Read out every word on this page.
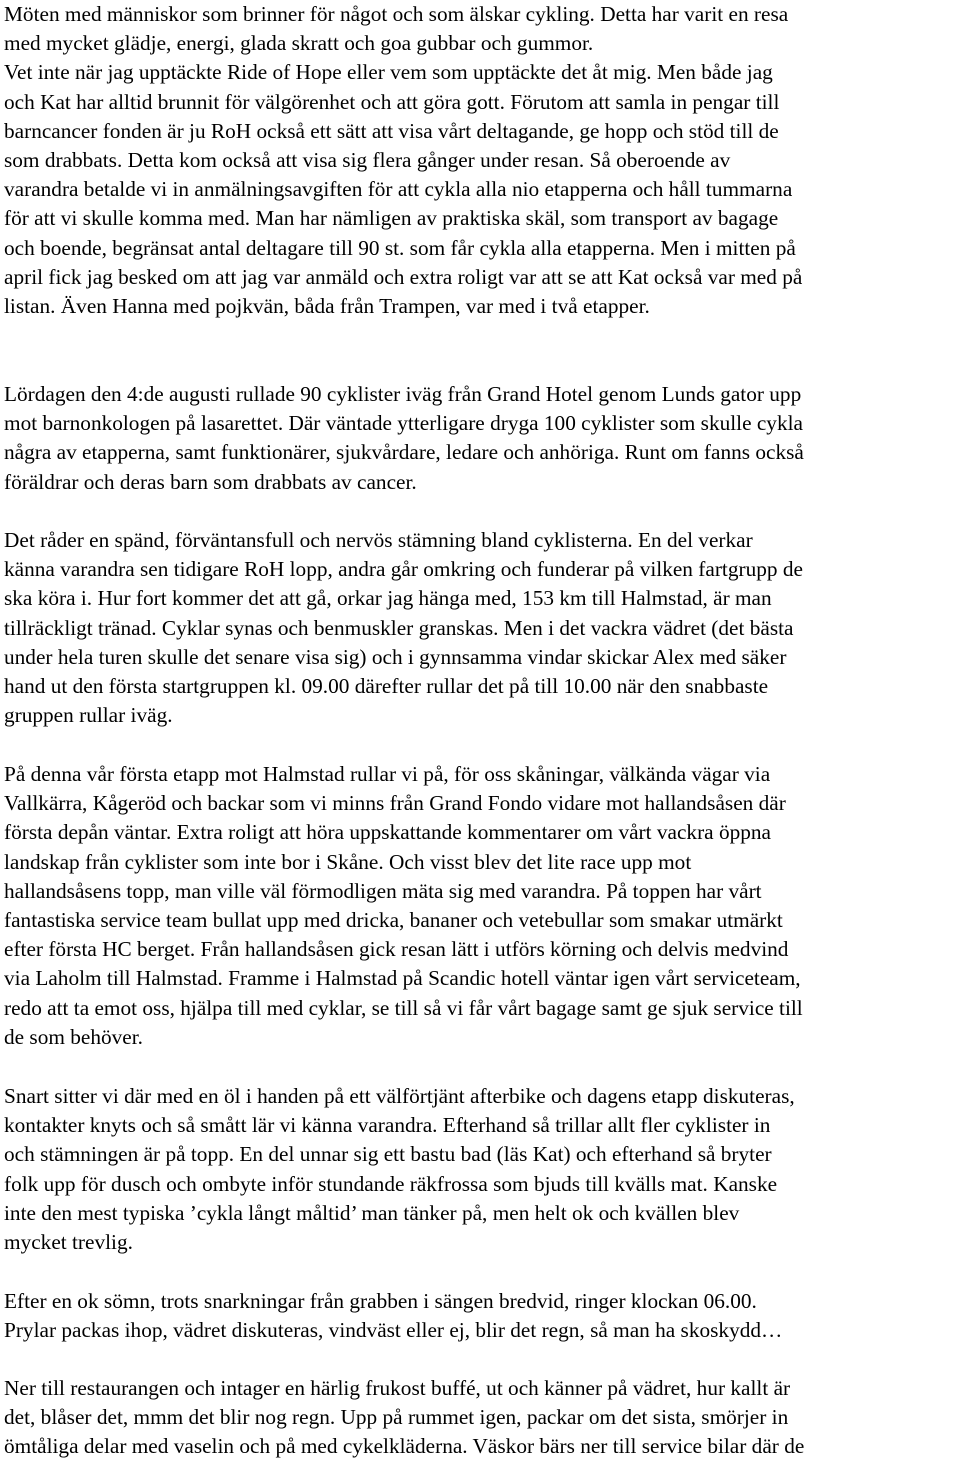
Möten med människor som brinner för något och som älskar cykling. Detta har varit en resa
med mycket glädje, energi, glada skratt och goa gubbar och gummor.
Vet inte när jag upptäckte Ride of Hope eller vem som upptäckte det åt mig. Men både jag
och Kat har alltid brunnit för välgörenhet och att göra gott. Förutom att samla in pengar till
barncancer fonden är ju RoH också ett sätt att visa vårt deltagande, ge hopp och stöd till de
som drabbats. Detta kom också att visa sig flera gånger under resan. Så oberoende av
varandra betalde vi in anmälningsavgiften för att cykla alla nio etapperna och håll tummarna
för att vi skulle komma med. Man har nämligen av praktiska skäl, som transport av bagage
och boende, begränsat antal deltagare till 90 st. som får cykla alla etapperna. Men i mitten på
april fick jag besked om att jag var anmäld och extra roligt var att se att Kat också var med på
listan. Även Hanna med pojkvän, båda från Trampen, var med i två etapper.
Lördagen den 4:de augusti rullade 90 cyklister iväg från Grand Hotel genom Lunds gator upp
mot barnonkologen på lasarettet. Där väntade ytterligare dryga 100 cyklister som skulle cykla
några av etapperna, samt funktionärer, sjukvårdare, ledare och anhöriga. Runt om fanns också
föräldrar och deras barn som drabbats av cancer.
Det råder en spänd, förväntansfull och nervös stämning bland cyklisterna. En del verkar
känna varandra sen tidigare RoH lopp, andra går omkring och funderar på vilken fartgrupp de
ska köra i. Hur fort kommer det att gå, orkar jag hänga med, 153 km till Halmstad, är man
tillräckligt tränad. Cyklar synas och benmuskler granskas. Men i det vackra vädret (det bästa
under hela turen skulle det senare visa sig) och i gynnsamma vindar skickar Alex med säker
hand ut den första startgruppen kl. 09.00 därefter rullar det på till 10.00 när den snabbaste
gruppen rullar iväg.
På denna vår första etapp mot Halmstad rullar vi på, för oss skåningar, välkända vägar via
Vallkärra, Kågeröd och backar som vi minns från Grand Fondo vidare mot hallandsåsen där
första depån väntar. Extra roligt att höra uppskattande kommentarer om vårt vackra öppna
landskap från cyklister som inte bor i Skåne. Och visst blev det lite race upp mot
hallandsåsens topp, man ville väl förmodligen mäta sig med varandra. På toppen har vårt
fantastiska service team bullat upp med dricka, bananer och vetebullar som smakar utmärkt
efter första HC berget. Från hallandsåsen gick resan lätt i utförs körning och delvis medvind
via Laholm till Halmstad. Framme i Halmstad på Scandic hotell väntar igen vårt serviceteam,
redo att ta emot oss, hjälpa till med cyklar, se till så vi får vårt bagage samt ge sjuk service till
de som behöver.
Snart sitter vi där med en öl i handen på ett välförtjänt afterbike och dagens etapp diskuteras,
kontakter knyts och så smått lär vi känna varandra. Efterhand så trillar allt fler cyklister in
och stämningen är på topp. En del unnar sig ett bastu bad (läs Kat) och efterhand så bryter
folk upp för dusch och ombyte inför stundande räkfrossa som bjuds till kvälls mat. Kanske
inte den mest typiska ’cykla långt måltid’ man tänker på, men helt ok och kvällen blev
mycket trevlig.
Efter en ok sömn, trots snarkningar från grabben i sängen bredvid, ringer klockan 06.00.
Prylar packas ihop, vädret diskuteras, vindväst eller ej, blir det regn, så man ha skoskydd…
Ner till restaurangen och intager en härlig frukost buffé, ut och känner på vädret, hur kallt är
det, blåser det, mmm det blir nog regn. Upp på rummet igen, packar om det sista, smörjer in
ömtåliga delar med vaselin och på med cykelkläderna. Väskor bärs ner till service bilar där de
